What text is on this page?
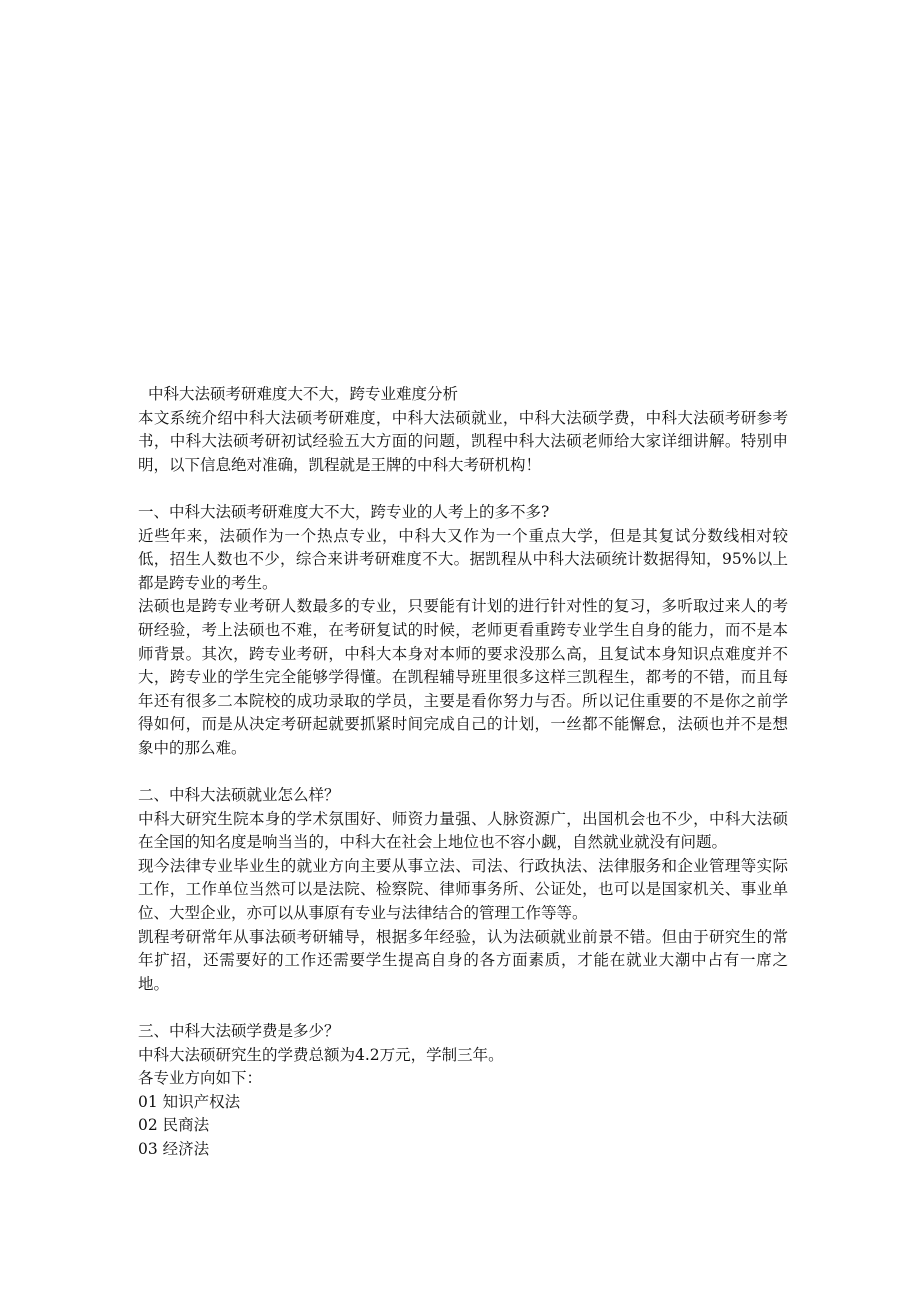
中科大法硕考研难度大不大，跨专业难度分析

本文系统介绍中科大法硕考研难度，中科大法硕就业，中科大法硕学费，中科大法硕考研参考书，中科大法硕考研初试经验五大方面的问题，凯程中科大法硕老师给大家详细讲解。特别申明，以下信息绝对准确，凯程就是王牌的中科大考研机构！

一、中科大法硕考研难度大不大，跨专业的人考上的多不多?

近些年来，法硕作为一个热点专业，中科大又作为一个重点大学，但是其复试分数线相对较低，招生人数也不少，综合来讲考研难度不大。据凯程从中科大法硕统计数据得知，95%以上都是跨专业的考生。

法硕也是跨专业考研人数最多的专业，只要能有计划的进行针对性的复习，多听取过来人的考研经验，考上法硕也不难，在考研复试的时候，老师更看重跨专业学生自身的能力，而不是本师背景。其次，跨专业考研，中科大本身对本师的要求没那么高，且复试本身知识点难度并不大，跨专业的学生完全能够学得懂。在凯程辅导班里很多这样三凯程生，都考的不错，而且每年还有很多二本院校的成功录取的学员，主要是看你努力与否。所以记住重要的不是你之前学得如何，而是从决定考研起就要抓紧时间完成自己的计划，一丝都不能懈怠，法硕也并不是想象中的那么难。

二、中科大法硕就业怎么样？

中科大研究生院本身的学术氛围好、师资力量强、人脉资源广，出国机会也不少，中科大法硕在全国的知名度是响当当的，中科大在社会上地位也不容小觑，自然就业就没有问题。

现今法律专业毕业生的就业方向主要从事立法、司法、行政执法、法律服务和企业管理等实际工作，工作单位当然可以是法院、检察院、律师事务所、公证处，也可以是国家机关、事业单位、大型企业，亦可以从事原有专业与法律结合的管理工作等等。

凯程考研常年从事法硕考研辅导，根据多年经验，认为法硕就业前景不错。但由于研究生的常年扩招，还需要好的工作还需要学生提高自身的各方面素质，才能在就业大潮中占有一席之地。

三、中科大法硕学费是多少？

中科大法硕研究生的学费总额为4.2万元，学制三年。

各专业方向如下：

01 知识产权法

02 民商法

03 经济法
